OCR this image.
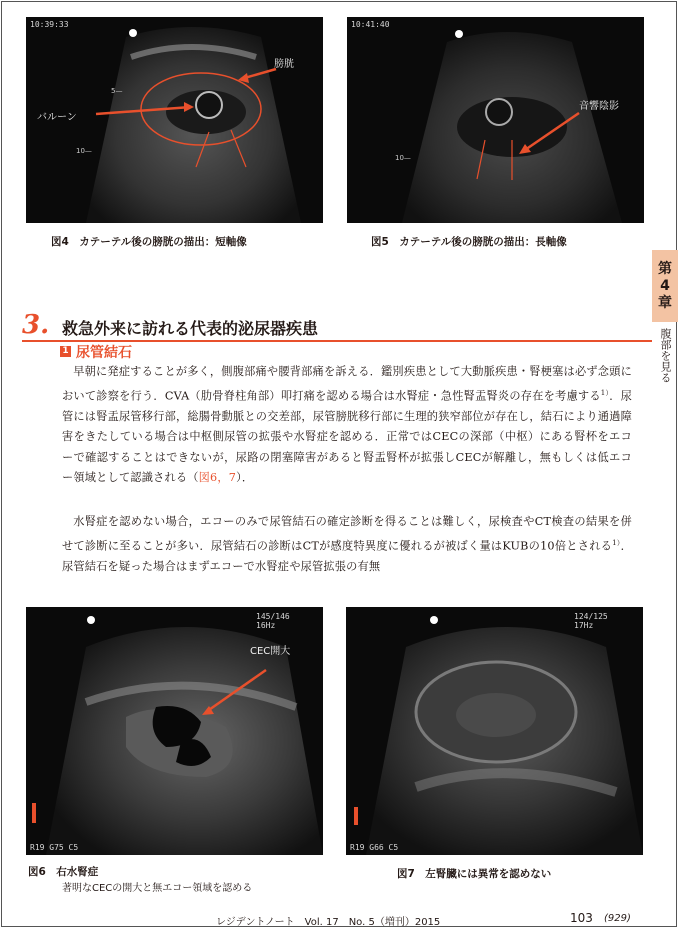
5—
10—
10:39:33
膀胱
バルーン
図4　カテーテル後の膀胱の描出：短軸像
10—
10:41:40
音響陰影
図5　カテーテル後の膀胱の描出：長軸像
第
4
章
腹部を見る
3. 救急外来に訪れる代表的泌尿器疾患
1 尿管結石

早朝に発症することが多く，側腹部痛や腰背部痛を訴える．鑑別疾患として大動脈疾患・腎梗塞は必ず念頭において診察を行う．CVA（肋骨脊柱角部）叩打痛を認める場合は水腎症・急性腎盂腎炎の存在を考慮する$^{1)}$．尿管には腎盂尿管移行部，総腸骨動脈との交差部，尿管膀胱移行部に生理的狭窄部位が存在し，結石により通過障害をきたしている場合は中枢側尿管の拡張や水腎症を認める．正常ではCECの深部（中枢）にある腎杯をエコーで確認することはできないが，尿路の閉塞障害があると腎盂腎杯が拡張しCECが解離し，無もしくは低エコー領域として認識される（図6，7）．

水腎症を認めない場合，エコーのみで尿管結石の確定診断を得ることは難しく，尿検査やCT検査の結果を併せて診断に至ることが多い．尿管結石の診断はCTが感度特異度に優れるが被ばく量はKUBの10倍とされる$^{1)}$．尿管結石を疑った場合はまずエコーで水腎症や尿管拡張の有無

145/146
16Hz
R19 G75 C5
CEC開大
図6　右水腎症
著明なCECの開大と無エコー領域を認める
124/125
17Hz
R19 G66 C5
図7　左腎臓には異常を認めない
レジデントノート　Vol. 17　No. 5（増刊）2015	103 (929)
